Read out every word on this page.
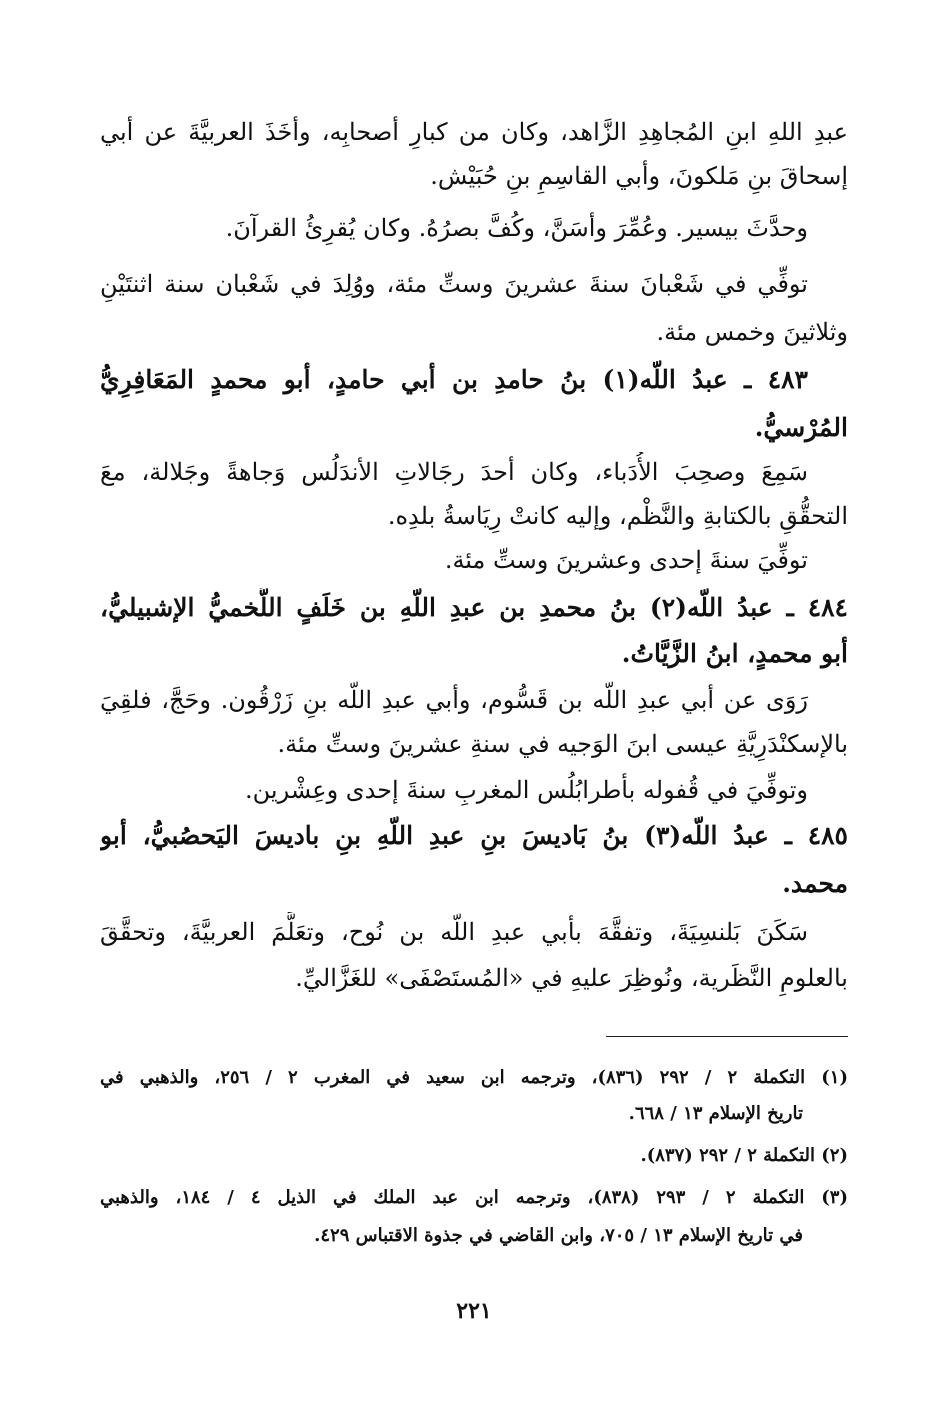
عبدِ اللهِ ابنِ المُجاهِدِ الزَّاهد، وكان من كبارِ أصحابِه، وأخَذَ العربيَّةَ عن أبي
إسحاقَ بنِ مَلكونَ، وأبي القاسِمِ بنِ حُبَيْش.
وحدَّثَ بيسير. وعُمِّرَ وأسَنَّ، وكُفَّ بصرُهُ. وكان يُقرِئُ القرآنَ.
توفِّي في شَعْبانَ سنةَ عشرينَ وستِّ مئة، ووُلِدَ في شَعْبان سنة اثنتَيْنِ
وثلاثينَ وخمس مئة.
٤٨٣ ـ عبدُ اللّه(١) بنُ حامدِ بن أبي حامدٍ، أبو محمدٍ المَعَافِرِيُّ
المُرْسيُّ.
سَمِعَ وصحِبَ الأُدَباء، وكان أحدَ رجَالاتِ الأندَلُس وَجاهةً وجَلالة، معَ
التحقُّقِ بالكتابةِ والنَّظْم، وإليه كانتْ رِيَاسةُ بلدِه.
توفِّيَ سنةَ إحدى وعشرينَ وستِّ مئة.
٤٨٤ ـ عبدُ اللّه(٢) بنُ محمدِ بن عبدِ اللّهِ بن خَلَفٍ اللَّخميُّ الإشبيليُّ،
أبو محمدٍ، ابنُ الزَّيَّاتُ.
رَوَى عن أبي عبدِ اللّه بن قَسُّوم، وأبي عبدِ اللّه بنِ زَرْقُون. وحَجَّ، فلقِيَ
بالإسكنْدَرِيَّةِ عيسى ابنَ الوَجيه في سنةِ عشرينَ وستِّ مئة.
وتوفِّيَ في قُفوله بأطرابُلُس المغربِ سنةَ إحدى وعِشْرين.
٤٨٥ ـ عبدُ اللّه(٣) بنُ بَاديسَ بنِ عبدِ اللّهِ بنِ باديسَ اليَحصُبيُّ، أبو
محمد.
سَكَنَ بَلنسِيَةَ، وتفقَّهَ بأبي عبدِ اللّه بن نُوح، وتعَلَّمَ العربيَّةَ، وتحقَّقَ
بالعلومِ النَّظَرية، ونُوظِرَ عليهِ في «المُستَصْفَى» للغَزَّاليِّ.
(١) التكملة ٢ / ٢٩٢ (٨٣٦)، وترجمه ابن سعيد في المغرب ٢ / ٢٥٦، والذهبي في
تاريخ الإسلام ١٣ / ٦٦٨.
(٢) التكملة ٢ / ٢٩٢ (٨٣٧).
(٣) التكملة ٢ / ٢٩٣ (٨٣٨)، وترجمه ابن عبد الملك في الذيل ٤ / ١٨٤، والذهبي
في تاريخ الإسلام ١٣ / ٧٠٥، وابن القاضي في جذوة الاقتباس ٤٢٩.
٢٢١
